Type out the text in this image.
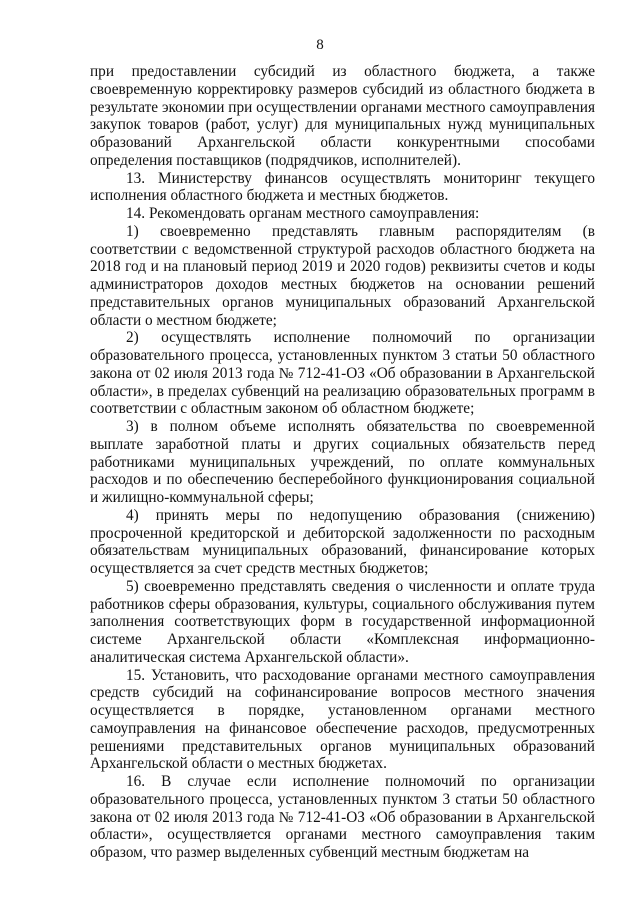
8

при предоставлении субсидий из областного бюджета, а также своевременную корректировку размеров субсидий из областного бюджета в результате экономии при осуществлении органами местного самоуправления закупок товаров (работ, услуг) для муниципальных нужд муниципальных образований Архангельской области конкурентными способами определения поставщиков (подрядчиков, исполнителей).

13. Министерству финансов осуществлять мониторинг текущего исполнения областного бюджета и местных бюджетов.

14. Рекомендовать органам местного самоуправления:

1) своевременно представлять главным распорядителям (в соответствии с ведомственной структурой расходов областного бюджета на 2018 год и на плановый период 2019 и 2020 годов) реквизиты счетов и коды администраторов доходов местных бюджетов на основании решений представительных органов муниципальных образований Архангельской области о местном бюджете;

2) осуществлять исполнение полномочий по организации образовательного процесса, установленных пунктом 3 статьи 50 областного закона от 02 июля 2013 года № 712-41-ОЗ «Об образовании в Архангельской области», в пределах субвенций на реализацию образовательных программ в соответствии с областным законом об областном бюджете;

3) в полном объеме исполнять обязательства по своевременной выплате заработной платы и других социальных обязательств перед работниками муниципальных учреждений, по оплате коммунальных расходов и по обеспечению бесперебойного функционирования социальной и жилищно-коммунальной сферы;

4) принять меры по недопущению образования (снижению) просроченной кредиторской и дебиторской задолженности по расходным обязательствам муниципальных образований, финансирование которых осуществляется за счет средств местных бюджетов;

5) своевременно представлять сведения о численности и оплате труда работников сферы образования, культуры, социального обслуживания путем заполнения соответствующих форм в государственной информационной системе Архангельской области «Комплексная информационно-аналитическая система Архангельской области».

15. Установить, что расходование органами местного самоуправления средств субсидий на софинансирование вопросов местного значения осуществляется в порядке, установленном органами местного самоуправления на финансовое обеспечение расходов, предусмотренных решениями представительных органов муниципальных образований Архангельской области о местных бюджетах.

16. В случае если исполнение полномочий по организации образовательного процесса, установленных пунктом 3 статьи 50 областного закона от 02 июля 2013 года № 712-41-ОЗ «Об образовании в Архангельской области», осуществляется органами местного самоуправления таким образом, что размер выделенных субвенций местным бюджетам на
